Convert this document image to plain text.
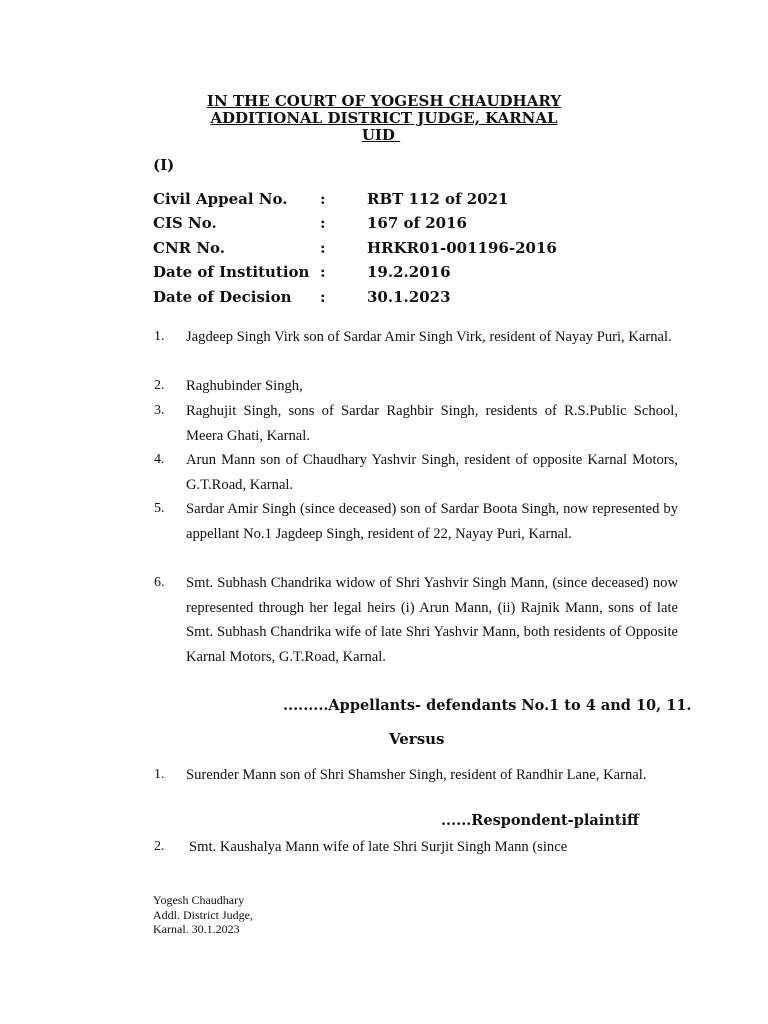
IN THE COURT OF YOGESH CHAUDHARY
ADDITIONAL DISTRICT JUDGE, KARNAL
UID
(I)
Civil Appeal No. :	RBT 112 of 2021
CIS No.	:	167 of 2016
CNR No.	:	HRKR01-001196-2016
Date of Institution :	19.2.2016
Date of Decision :	30.1.2023
1. Jagdeep Singh Virk son of Sardar Amir Singh Virk, resident of Nayay Puri, Karnal.
2. Raghubinder Singh,
3. Raghujit Singh, sons of Sardar Raghbir Singh, residents of R.S.Public School, Meera Ghati, Karnal.
4. Arun Mann son of Chaudhary Yashvir Singh, resident of opposite Karnal Motors, G.T.Road, Karnal.
5. Sardar Amir Singh (since deceased) son of Sardar Boota Singh, now represented by appellant No.1 Jagdeep Singh, resident of 22, Nayay Puri, Karnal.
6. Smt. Subhash Chandrika widow of Shri Yashvir Singh Mann, (since deceased) now represented through her legal heirs (i) Arun Mann, (ii) Rajnik Mann, sons of late Smt. Subhash Chandrika wife of late Shri Yashvir Mann, both residents of Opposite Karnal Motors, G.T.Road, Karnal.
.........Appellants- defendants No.1 to 4 and 10, 11.
Versus
1. Surender Mann son of Shri Shamsher Singh, resident of Randhir Lane, Karnal.
......Respondent-plaintiff
2. Smt. Kaushalya Mann wife of late Shri Surjit Singh Mann (since
Yogesh Chaudhary
Addl. District Judge,
Karnal. 30.1.2023
